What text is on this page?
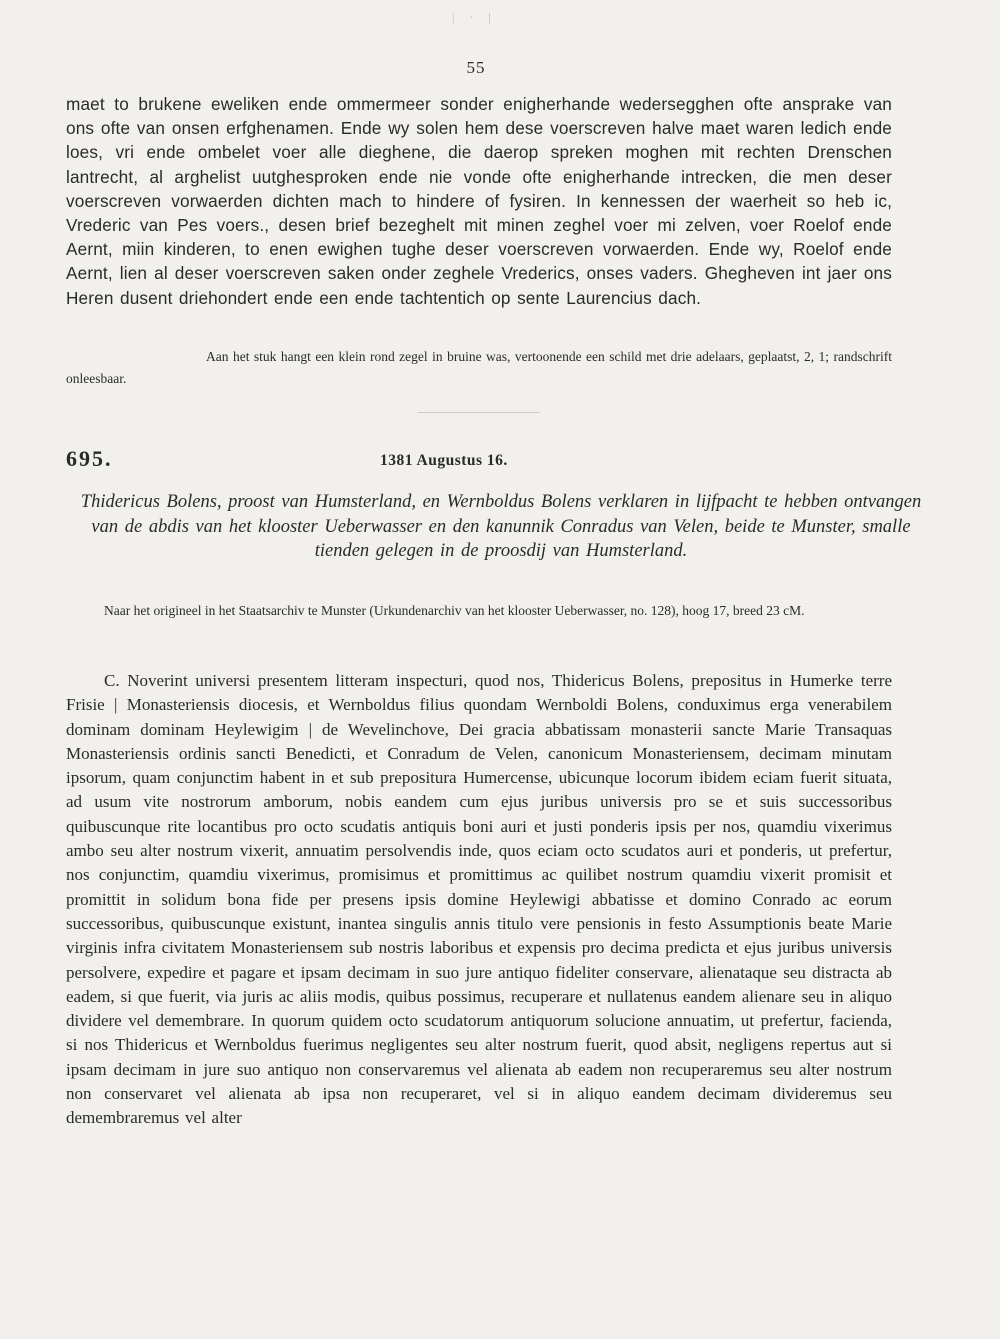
| · |
55

maet to brukene eweliken ende ommermeer sonder enigherhande wedersegghen ofte ansprake van ons ofte van onsen erfghenamen. Ende wy solen hem dese voerscreven halve maet waren ledich ende loes, vri ende ombelet voer alle dieghene, die daerop spreken moghen mit rechten Drenschen lantrecht, al arghelist uutghesproken ende nie vonde ofte enigherhande intrecken, die men deser voerscreven vorwaerden dichten mach to hindere of fysiren. In kennessen der waerheit so heb ic, Vrederic van Pes voers., desen brief bezeghelt mit minen zeghel voer mi zelven, voer Roelof ende Aernt, miin kinderen, to enen ewighen tughe deser voerscreven vorwaerden. Ende wy, Roelof ende Aernt, lien al deser voerscreven saken onder zeghele Vrederics, onses vaders. Ghegheven int jaer ons Heren dusent driehondert ende een ende tachtentich op sente Laurencius dach.

Aan het stuk hangt een klein rond zegel in bruine was, vertoonende een schild met drie adelaars, geplaatst, 2, 1; randschrift onleesbaar.

695.	1381 Augustus 16.

Thidericus Bolens, proost van Humsterland, en Wernboldus Bolens verklaren in lijfpacht te hebben ontvangen van de abdis van het klooster Ueberwasser en den kanunnik Conradus van Velen, beide te Munster, smalle tienden gelegen in de proosdij van Humsterland.

Naar het origineel in het Staatsarchiv te Munster (Urkundenarchiv van het klooster Ueberwasser, no. 128), hoog 17, breed 23 cM.

C. Noverint universi presentem litteram inspecturi, quod nos, Thidericus Bolens, prepositus in Humerke terre Frisie | Monasteriensis diocesis, et Wernboldus filius quondam Wernboldi Bolens, conduximus erga venerabilem dominam dominam Heylewigim | de Wevelinchove, Dei gracia abbatissam monasterii sancte Marie Transaquas Monasteriensis ordinis sancti Benedicti, et Conradum de Velen, canonicum Monasteriensem, decimam minutam ipsorum, quam conjunctim habent in et sub prepositura Humercense, ubicunque locorum ibidem eciam fuerit situata, ad usum vite nostrorum amborum, nobis eandem cum ejus juribus universis pro se et suis successoribus quibuscunque rite locantibus pro octo scudatis antiquis boni auri et justi ponderis ipsis per nos, quamdiu vixerimus ambo seu alter nostrum vixerit, annuatim persolvendis inde, quos eciam octo scudatos auri et ponderis, ut prefertur, nos conjunctim, quamdiu vixerimus, promisimus et promittimus ac quilibet nostrum quamdiu vixerit promisit et promittit in solidum bona fide per presens ipsis domine Heylewigi abbatisse et domino Conrado ac eorum successoribus, quibuscunque existunt, inantea singulis annis titulo vere pensionis in festo Assumptionis beate Marie virginis infra civitatem Monasteriensem sub nostris laboribus et expensis pro decima predicta et ejus juribus universis persolvere, expedire et pagare et ipsam decimam in suo jure antiquo fideliter conservare, alienataque seu distracta ab eadem, si que fuerit, via juris ac aliis modis, quibus possimus, recuperare et nullatenus eandem alienare seu in aliquo dividere vel demembrare. In quorum quidem octo scudatorum antiquorum solucione annuatim, ut prefertur, facienda, si nos Thidericus et Wernboldus fuerimus negligentes seu alter nostrum fuerit, quod absit, negligens repertus aut si ipsam decimam in jure suo antiquo non conservaremus vel alienata ab eadem non recuperaremus seu alter nostrum non conservaret vel alienata ab ipsa non recuperaret, vel si in aliquo eandem decimam divideremus seu demembraremus vel alter
